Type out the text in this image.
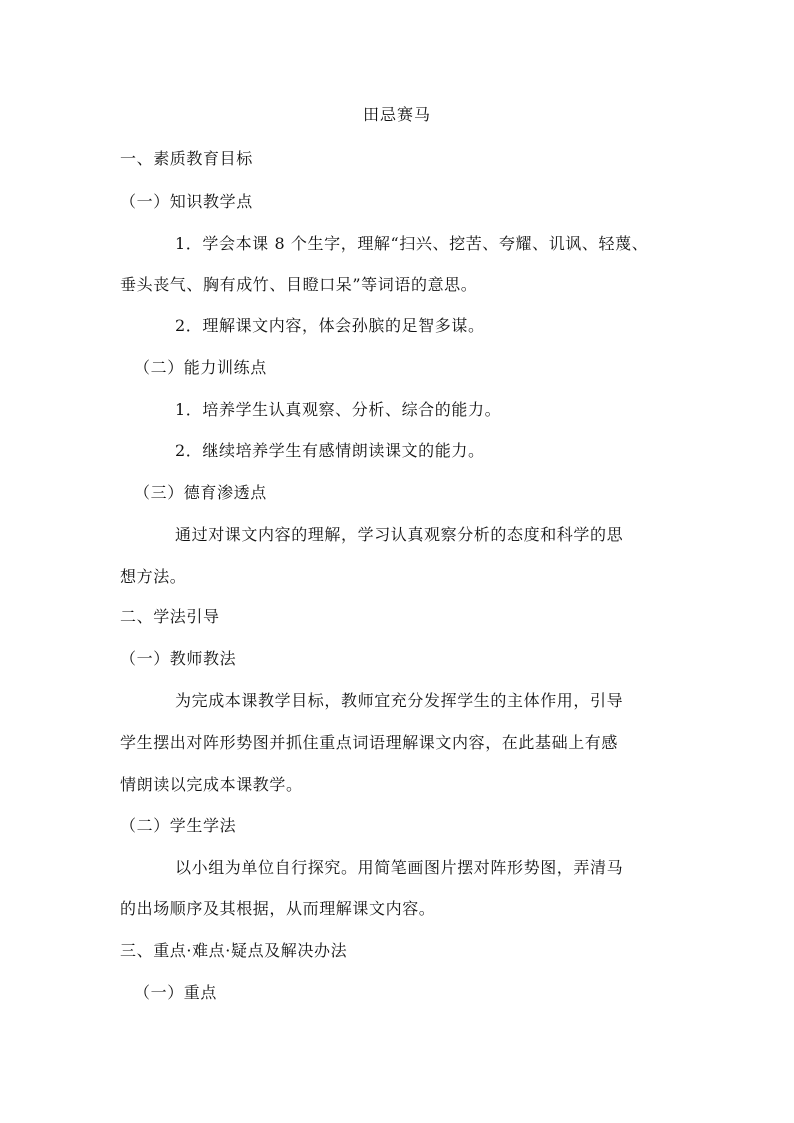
田忌赛马
一、素质教育目标
（一）知识教学点
1．学会本课 8 个生字，理解“扫兴、挖苦、夸耀、讥讽、轻蔑、
垂头丧气、胸有成竹、目瞪口呆”等词语的意思。
2．理解课文内容，体会孙膑的足智多谋。
（二）能力训练点
1．培养学生认真观察、分析、综合的能力。
2．继续培养学生有感情朗读课文的能力。
（三）德育渗透点
通过对课文内容的理解，学习认真观察分析的态度和科学的思
想方法。
二、学法引导
（一）教师教法
为完成本课教学目标，教师宜充分发挥学生的主体作用，引导
学生摆出对阵形势图并抓住重点词语理解课文内容，在此基础上有感
情朗读以完成本课教学。
（二）学生学法
以小组为单位自行探究。用简笔画图片摆对阵形势图，弄清马
的出场顺序及其根据，从而理解课文内容。
三、重点·难点·疑点及解决办法
（一）重点
